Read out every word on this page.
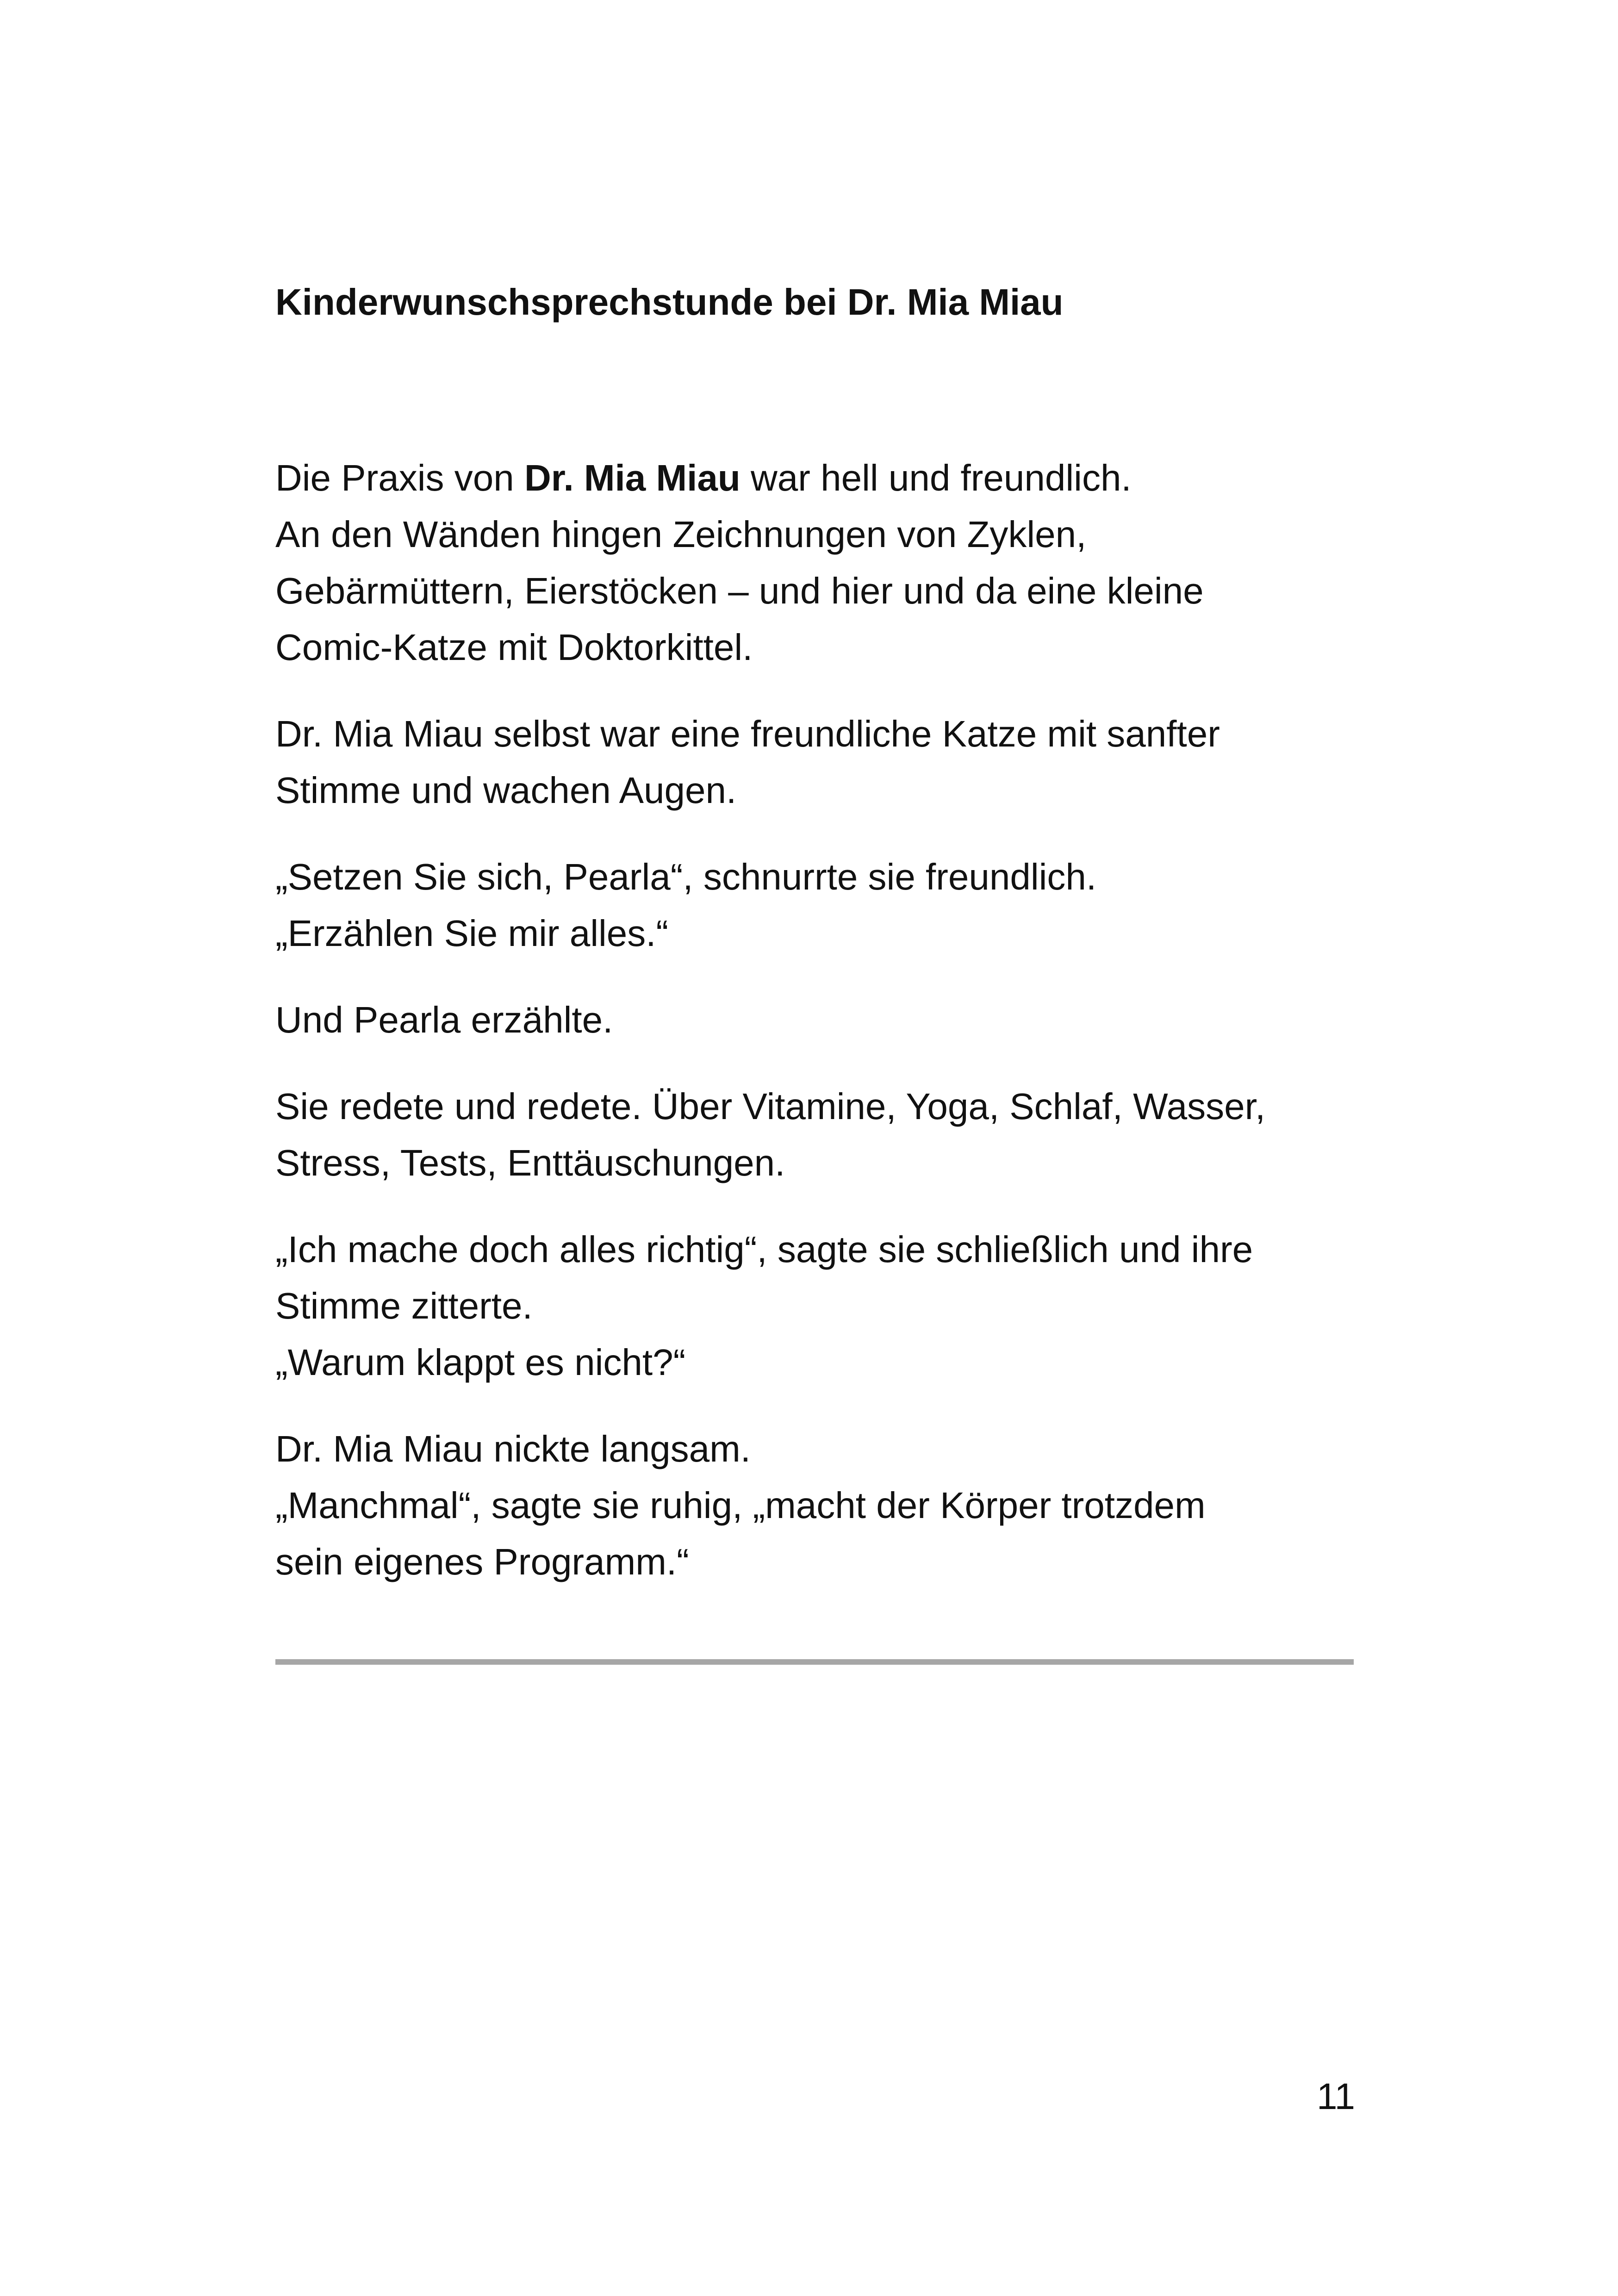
Kinderwunschsprechstunde bei Dr. Mia Miau

Die Praxis von Dr. Mia Miau war hell und freundlich.
An den Wänden hingen Zeichnungen von Zyklen,
Gebärmüttern, Eierstöcken – und hier und da eine kleine
Comic-Katze mit Doktorkittel.

Dr. Mia Miau selbst war eine freundliche Katze mit sanfter
Stimme und wachen Augen.

„Setzen Sie sich, Pearla“, schnurrte sie freundlich.
„Erzählen Sie mir alles.“

Und Pearla erzählte.

Sie redete und redete. Über Vitamine, Yoga, Schlaf, Wasser,
Stress, Tests, Enttäuschungen.

„Ich mache doch alles richtig“, sagte sie schließlich und ihre
Stimme zitterte.
„Warum klappt es nicht?“

Dr. Mia Miau nickte langsam.
„Manchmal“, sagte sie ruhig, „macht der Körper trotzdem
sein eigenes Programm.“

11
